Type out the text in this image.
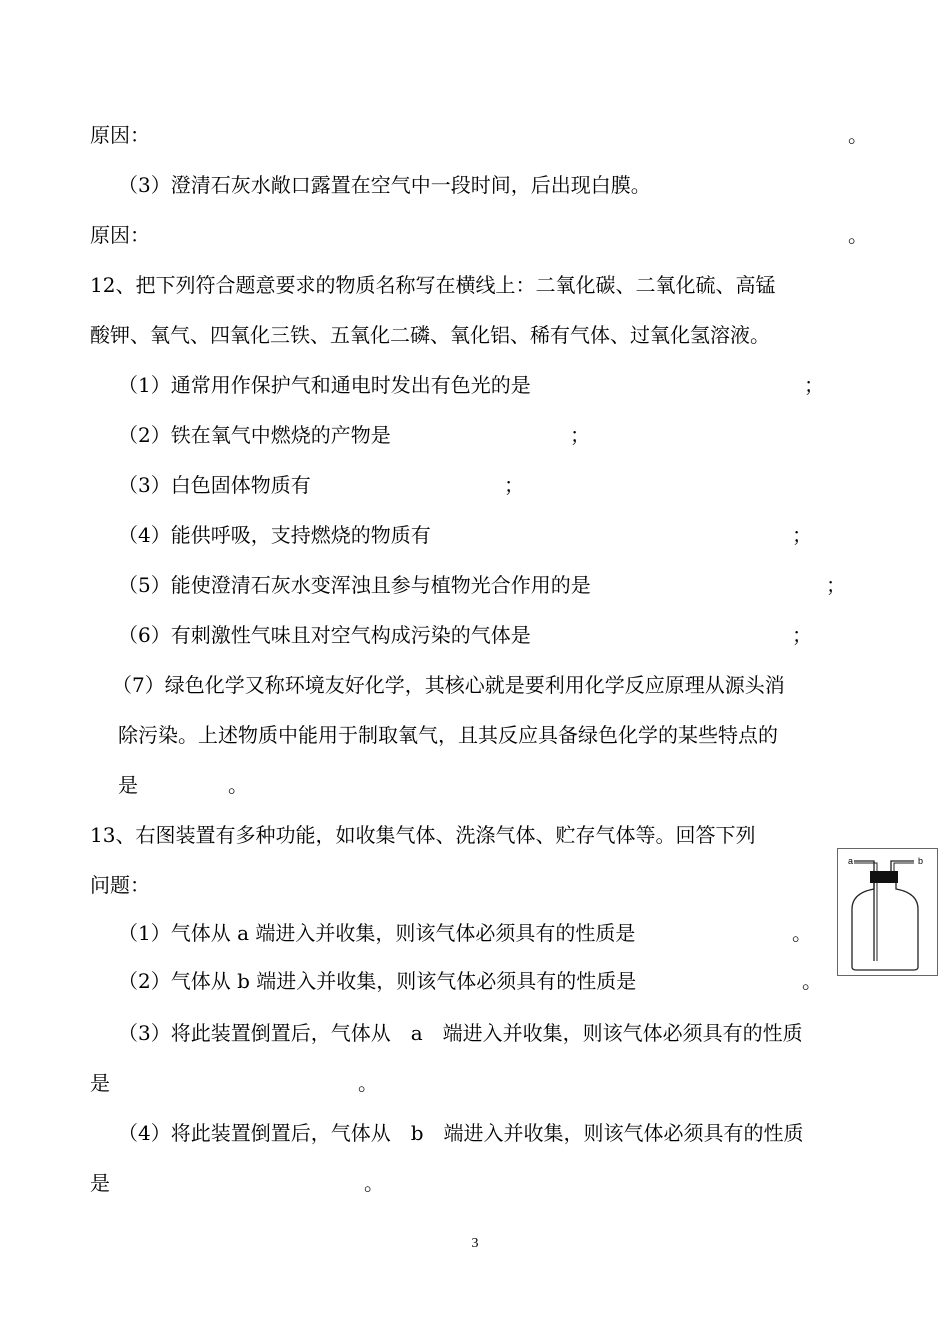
原因：	。
（3）澄清石灰水敞口露置在空气中一段时间，后出现白膜。
原因：	。
12、把下列符合题意要求的物质名称写在横线上：二氧化碳、二氧化硫、高锰
酸钾、氧气、四氧化三铁、五氧化二磷、氧化铝、稀有气体、过氧化氢溶液。
（1）通常用作保护气和通电时发出有色光的是	；
（2）铁在氧气中燃烧的产物是	；
（3）白色固体物质有	；
（4）能供呼吸，支持燃烧的物质有	；
（5）能使澄清石灰水变浑浊且参与植物光合作用的是	；
（6）有刺激性气味且对空气构成污染的气体是	；
（7）绿色化学又称环境友好化学，其核心就是要利用化学反应原理从源头消
除污染。上述物质中能用于制取氧气，且其反应具备绿色化学的某些特点的
是	。
13、右图装置有多种功能，如收集气体、洗涤气体、贮存气体等。回答下列
问题：
（1）气体从 a 端进入并收集，则该气体必须具有的性质是	。
（2）气体从 b 端进入并收集，则该气体必须具有的性质是	。
（3）将此装置倒置后，气体从　a　端进入并收集，则该气体必须具有的性质
是	。
（4）将此装置倒置后，气体从　b　端进入并收集，则该气体必须具有的性质
是	。
a	b
3
